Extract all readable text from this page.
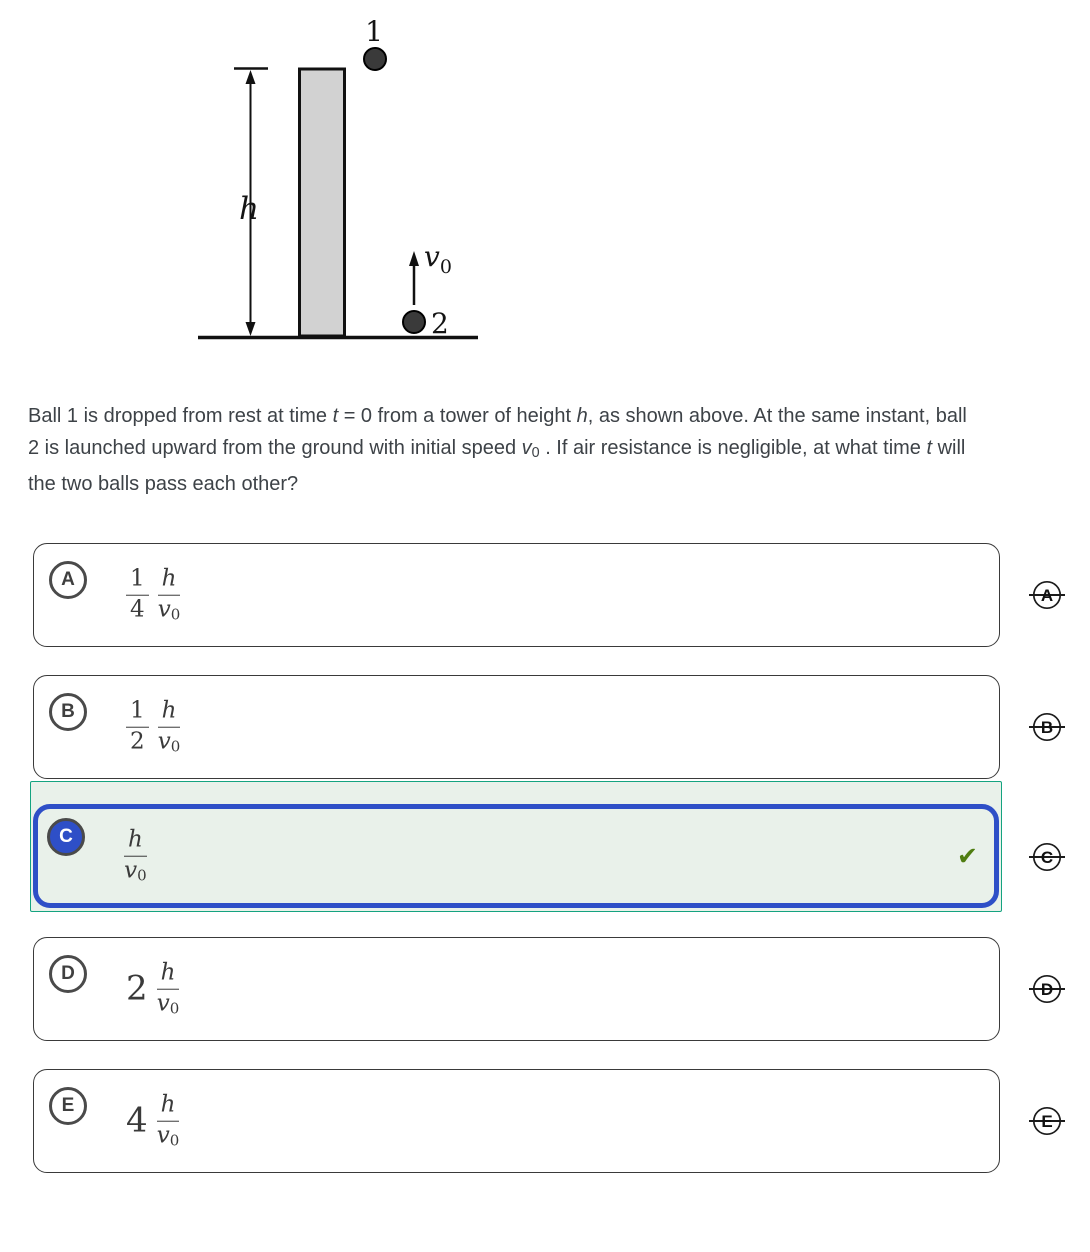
h
1
$v_0$
2
Ball 1 is dropped from rest at time t = 0 from a tower of height h, as shown above. At the same instant, ball
2 is launched upward from the ground with initial speed v0 . If air resistance is negligible, at what time t will
the two balls pass each other?
A $\frac{1}{4} \frac{h}{v0}$
B $\frac{1}{2} \frac{h}{v0}$
C $\frac{h}{v0}$	✔
D $2 \frac{h}{v0}$
E $4 \frac{h}{v0}$
A
B
C
D
E
